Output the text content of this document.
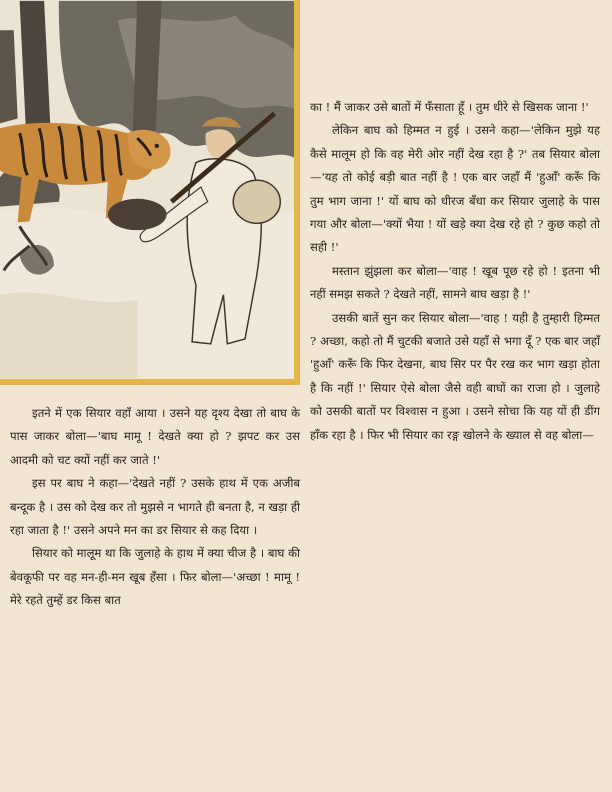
का ! मैं जाकर उसे बातों में फँसाता हूँ । तुम धीरे से खिसक जाना !'

लेकिन बाघ को हिम्मत न हुई । उसने कहा—'लेकिन मुझे यह कैसे मालूम हो कि वह मेरी ओर नहीं देख रहा है ?' तब सियार बोला—'यह तो कोई बड़ी बात नहीं है ! एक बार जहाँ मैं 'हुआँ' करूँ कि तुम भाग जाना !' यों बाघ को धीरज बँधा कर सियार जुलाहे के पास गया और बोला—'क्यों भैया ! यों खड़े क्या देख रहे हो ? कुछ कहो तो सही !'

मस्तान झुंझला कर बोला—'वाह ! खूब पूछ रहे हो ! इतना भी नहीं समझ सकते ? देखते नहीं, सामने बाघ खड़ा है !'

उसकी बातें सुन कर सियार बोला—'वाह ! यही है तुम्हारी हिम्मत ? अच्छा, कहो तो मैं चुटकी बजाते उसे यहाँ से भगा दूँ ? एक बार जहाँ 'हुआँ' करूँ कि फिर देखना, बाघ सिर पर पैर रख कर भाग खड़ा होता है कि नहीं !' सियार ऐसे बोला जैसे वही बाघों का राजा हो । जुलाहे को उसकी बातों पर विश्वास न हुआ । उसने सोचा कि यह यों ही डींग हाँक रहा है । फिर भी सियार का रङ्ग खोलने के ख्याल से वह बोला—

इतने में एक सियार वहाँ आया । उसने यह दृश्य देखा तो बाघ के पास जाकर बोला—'बाघ मामू ! देखते क्या हो ? झपट कर उस आदमी को चट क्यों नहीं कर जाते !'

इस पर बाघ ने कहा—'देखते नहीं ? उसके हाथ में एक अजीब बन्दूक है । उस को देख कर तो मुझसे न भागते ही बनता है, न खड़ा ही रहा जाता है !' उसने अपने मन का डर सियार से कह दिया ।

सियार को मालूम था कि जुलाहे के हाथ में क्या चीज है । बाघ की बेवकूफी पर वह मन-ही-मन खूब हँसा । फिर बोला—'अच्छा ! मामू ! मेरे रहते तुम्हें डर किस बात
